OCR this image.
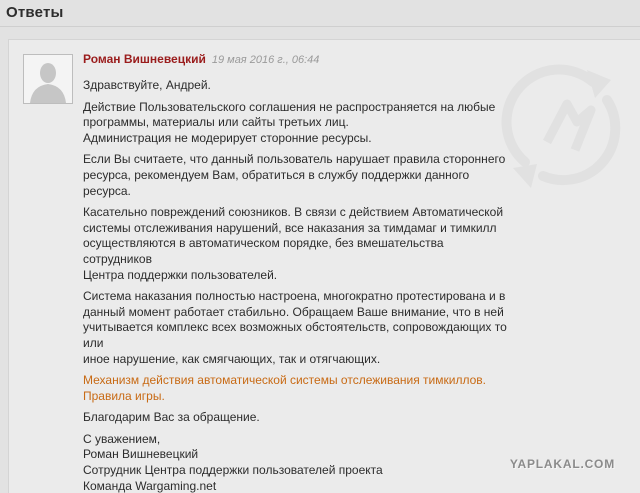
Ответы
Роман Вишневецкий 19 мая 2016 г., 06:44

Здравствуйте, Андрей.

Действие Пользовательского соглашения не распространяется на любые
программы, материалы или сайты третьих лиц.
Администрация не модерирует сторонние ресурсы.

Если Вы считаете, что данный пользователь нарушает правила стороннего
ресурса, рекомендуем Вам, обратиться в службу поддержки данного ресурса.

Касательно повреждений союзников. В связи с действием Автоматической
системы отслеживания нарушений, все наказания за тимдамаг и тимкилл
осуществляются в автоматическом порядке, без вмешательства сотрудников
Центра поддержки пользователей.

Система наказания полностью настроена, многократно протестирована и в
данный момент работает стабильно. Обращаем Ваше внимание, что в ней
учитывается комплекс всех возможных обстоятельств, сопровождающих то или
иное нарушение, как смягчающих, так и отягчающих.

Механизм действия автоматической системы отслеживания тимкиллов.
Правила игры.

Благодарим Вас за обращение.

С уважением,
Роман Вишневецкий
Сотрудник Центра поддержки пользователей проекта
Команда Wargaming.net

YAPLAKAL.COM
